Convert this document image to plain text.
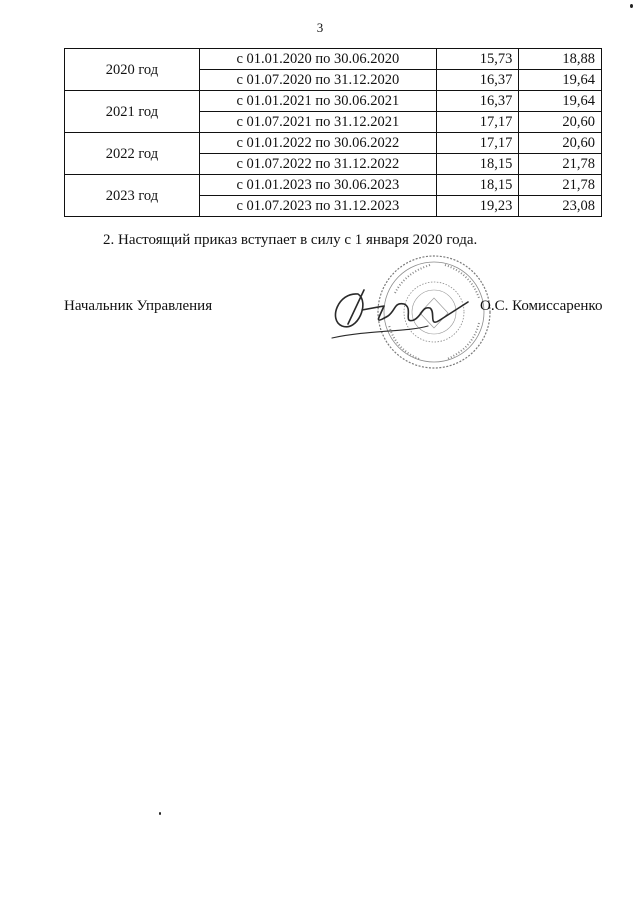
3
2020 год	с 01.01.2020 по 30.06.2020	15,73	18,88
	с 01.07.2020 по 31.12.2020	16,37	19,64
2021 год	с 01.01.2021 по 30.06.2021	16,37	19,64
	с 01.07.2021 по 31.12.2021	17,17	20,60
2022 год	с 01.01.2022 по 30.06.2022	17,17	20,60
	с 01.07.2022 по 31.12.2022	18,15	21,78
2023 год	с 01.01.2023 по 30.06.2023	18,15	21,78
	с 01.07.2023 по 31.12.2023	19,23	23,08
2. Настоящий приказ вступает в силу с 1 января 2020 года.
Начальник Управления	О.С. Комиссаренко
